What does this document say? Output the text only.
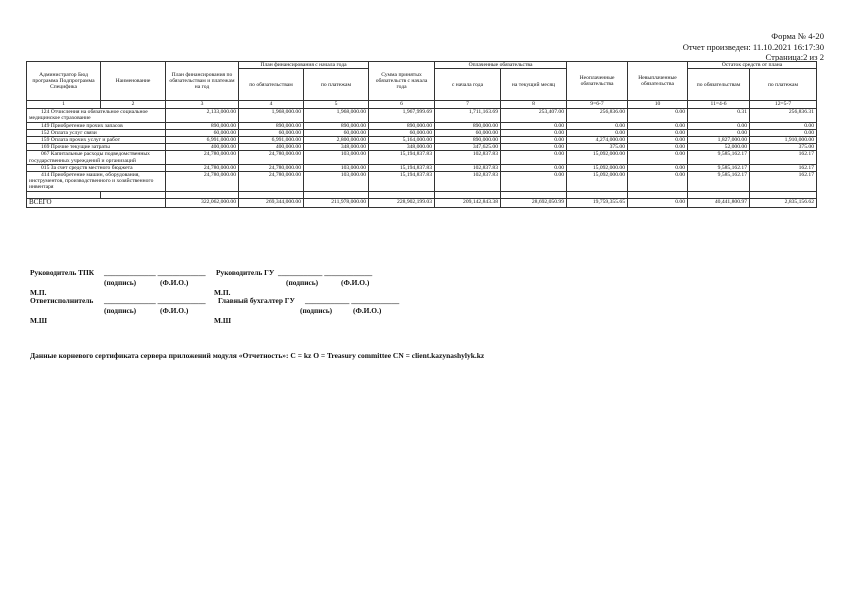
Форма № 4-20
Отчет произведен: 11.10.2021 16:17:30
Страница:2 из 2
Администратор Бюд программа Подпрограмма Специфика	Наименование	План финансирования по обязательствам и платежам на год	План финансирования с начала года		Сумма принятых обязательств с начала года	Оплаченные обязательства		Неоплаченные обязательства	Невыплаченные обязательства	Остаток средств от плана	
			по обязательствам	по платежам		с начала года	на текущий месяц			по обязательствам	по платежам
1	2	3	4	5	6	7	8	9=6-7	10	11=4-6	12=5-7
124 Отчисления на обязательное социальное медицинское страхование		2,133,000.00	1,968,000.00	1,968,000.00	1,967,999.69	1,711,163.69	253,407.00	256,836.00	0.00	0.31	256,836.31
149 Приобретение прочих запасов		890,000.00	890,000.00	890,000.00	890,000.00	890,000.00	0.00	0.00	0.00	0.00	0.00
152 Оплата услуг связи		60,000.00	60,000.00	60,000.00	60,000.00	60,000.00	0.00	0.00	0.00	0.00	0.00
159 Оплата прочих услуг и работ		6,991,000.00	6,991,000.00	2,800,000.00	5,164,000.00	890,000.00	0.00	4,274,000.00	0.00	1,827,000.00	1,910,000.00
169 Прочие текущие затраты		400,000.00	400,000.00	348,000.00	348,000.00	347,625.00	0.00	375.00	0.00	52,000.00	375.00
067 Капитальные расходы подведомственных государственных учреждений и организаций		24,780,000.00	24,780,000.00	103,000.00	15,194,837.83	102,837.83	0.00	15,092,000.00	0.00	9,585,162.17	162.17
015 За счет средств местного бюджета		24,780,000.00	24,780,000.00	103,000.00	15,194,837.83	102,837.83	0.00	15,092,000.00	0.00	9,585,162.17	162.17
414 Приобретение машин, оборудования, инструментов, производственного и хозяйственного инвентаря		24,780,000.00	24,780,000.00	103,000.00	15,194,837.83	102,837.83	0.00	15,092,000.00	0.00	9,585,162.17	162.17

ВСЕГО		322,062,000.00	269,344,000.00	211,978,000.00	228,902,199.03	209,142,843.38	28,692,050.99	19,759,355.65	0.00	40,441,800.97	2,835,156.62
Руководитель ТПК ______________ _____________ Руководитель ГУ ____________ _____________
(подпись)	(Ф.И.О.)	(подпись)	(Ф.И.О.)
М.П.	М.П.
Ответисполнитель ______________ _____________ Главный бухгалтер ГУ ____________ _____________
(подпись)	(Ф.И.О.)	(подпись)	(Ф.И.О.)
М.Ш	М.Ш
Данные корневого сертификата сервера приложений модуля «Отчетность»: C = kz O = Treasury committee CN = client.kazynashylyk.kz
